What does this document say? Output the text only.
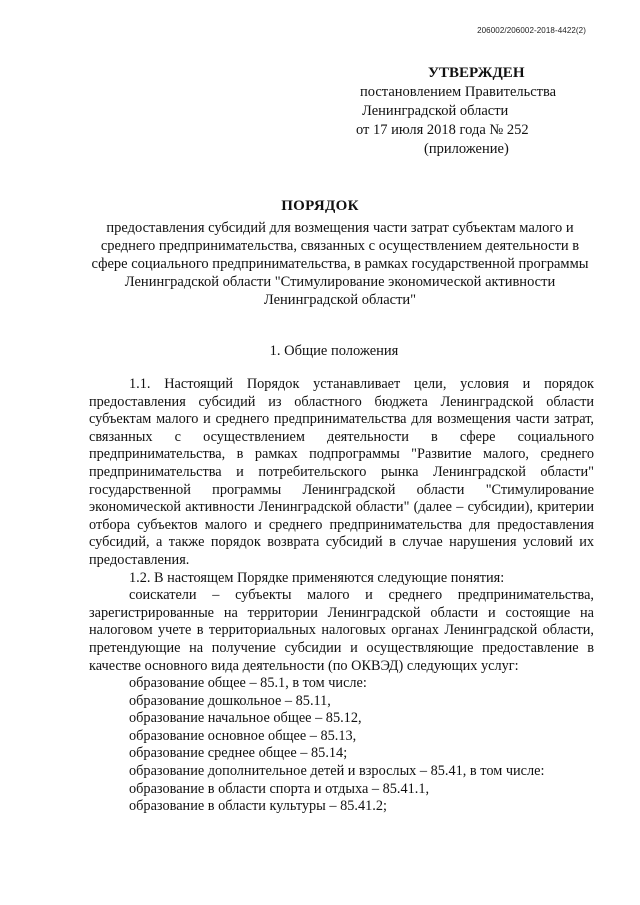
206002/206002-2018-4422(2)
УТВЕРЖДЕН
постановлением Правительства
Ленинградской области
от 17 июля 2018 года № 252
(приложение)
ПОРЯДОК
предоставления субсидий для возмещения части затрат субъектам малого и среднего предпринимательства, связанных с осуществлением деятельности в сфере социального предпринимательства, в рамках государственной программы Ленинградской области "Стимулирование экономической активности Ленинградской области"
1. Общие положения

1.1. Настоящий Порядок устанавливает цели, условия и порядок предоставления субсидий из областного бюджета Ленинградской области субъектам малого и среднего предпринимательства для возмещения части затрат, связанных с осуществлением деятельности в сфере социального предпринимательства, в рамках подпрограммы "Развитие малого, среднего предпринимательства и потребительского рынка Ленинградской области" государственной программы Ленинградской области "Стимулирование экономической активности Ленинградской области" (далее – субсидии), критерии отбора субъектов малого и среднего предпринимательства для предоставления субсидий, а также порядок возврата субсидий в случае нарушения условий их предоставления.

1.2. В настоящем Порядке применяются следующие понятия:

соискатели – субъекты малого и среднего предпринимательства, зарегистрированные на территории Ленинградской области и состоящие на налоговом учете в территориальных налоговых органах Ленинградской области, претендующие на получение субсидии и осуществляющие предоставление в качестве основного вида деятельности (по ОКВЭД) следующих услуг:

образование общее – 85.1, в том числе:

образование дошкольное – 85.11,

образование начальное общее – 85.12,

образование основное общее – 85.13,

образование среднее общее – 85.14;

образование дополнительное детей и взрослых – 85.41, в том числе:

образование в области спорта и отдыха – 85.41.1,

образование в области культуры – 85.41.2;
